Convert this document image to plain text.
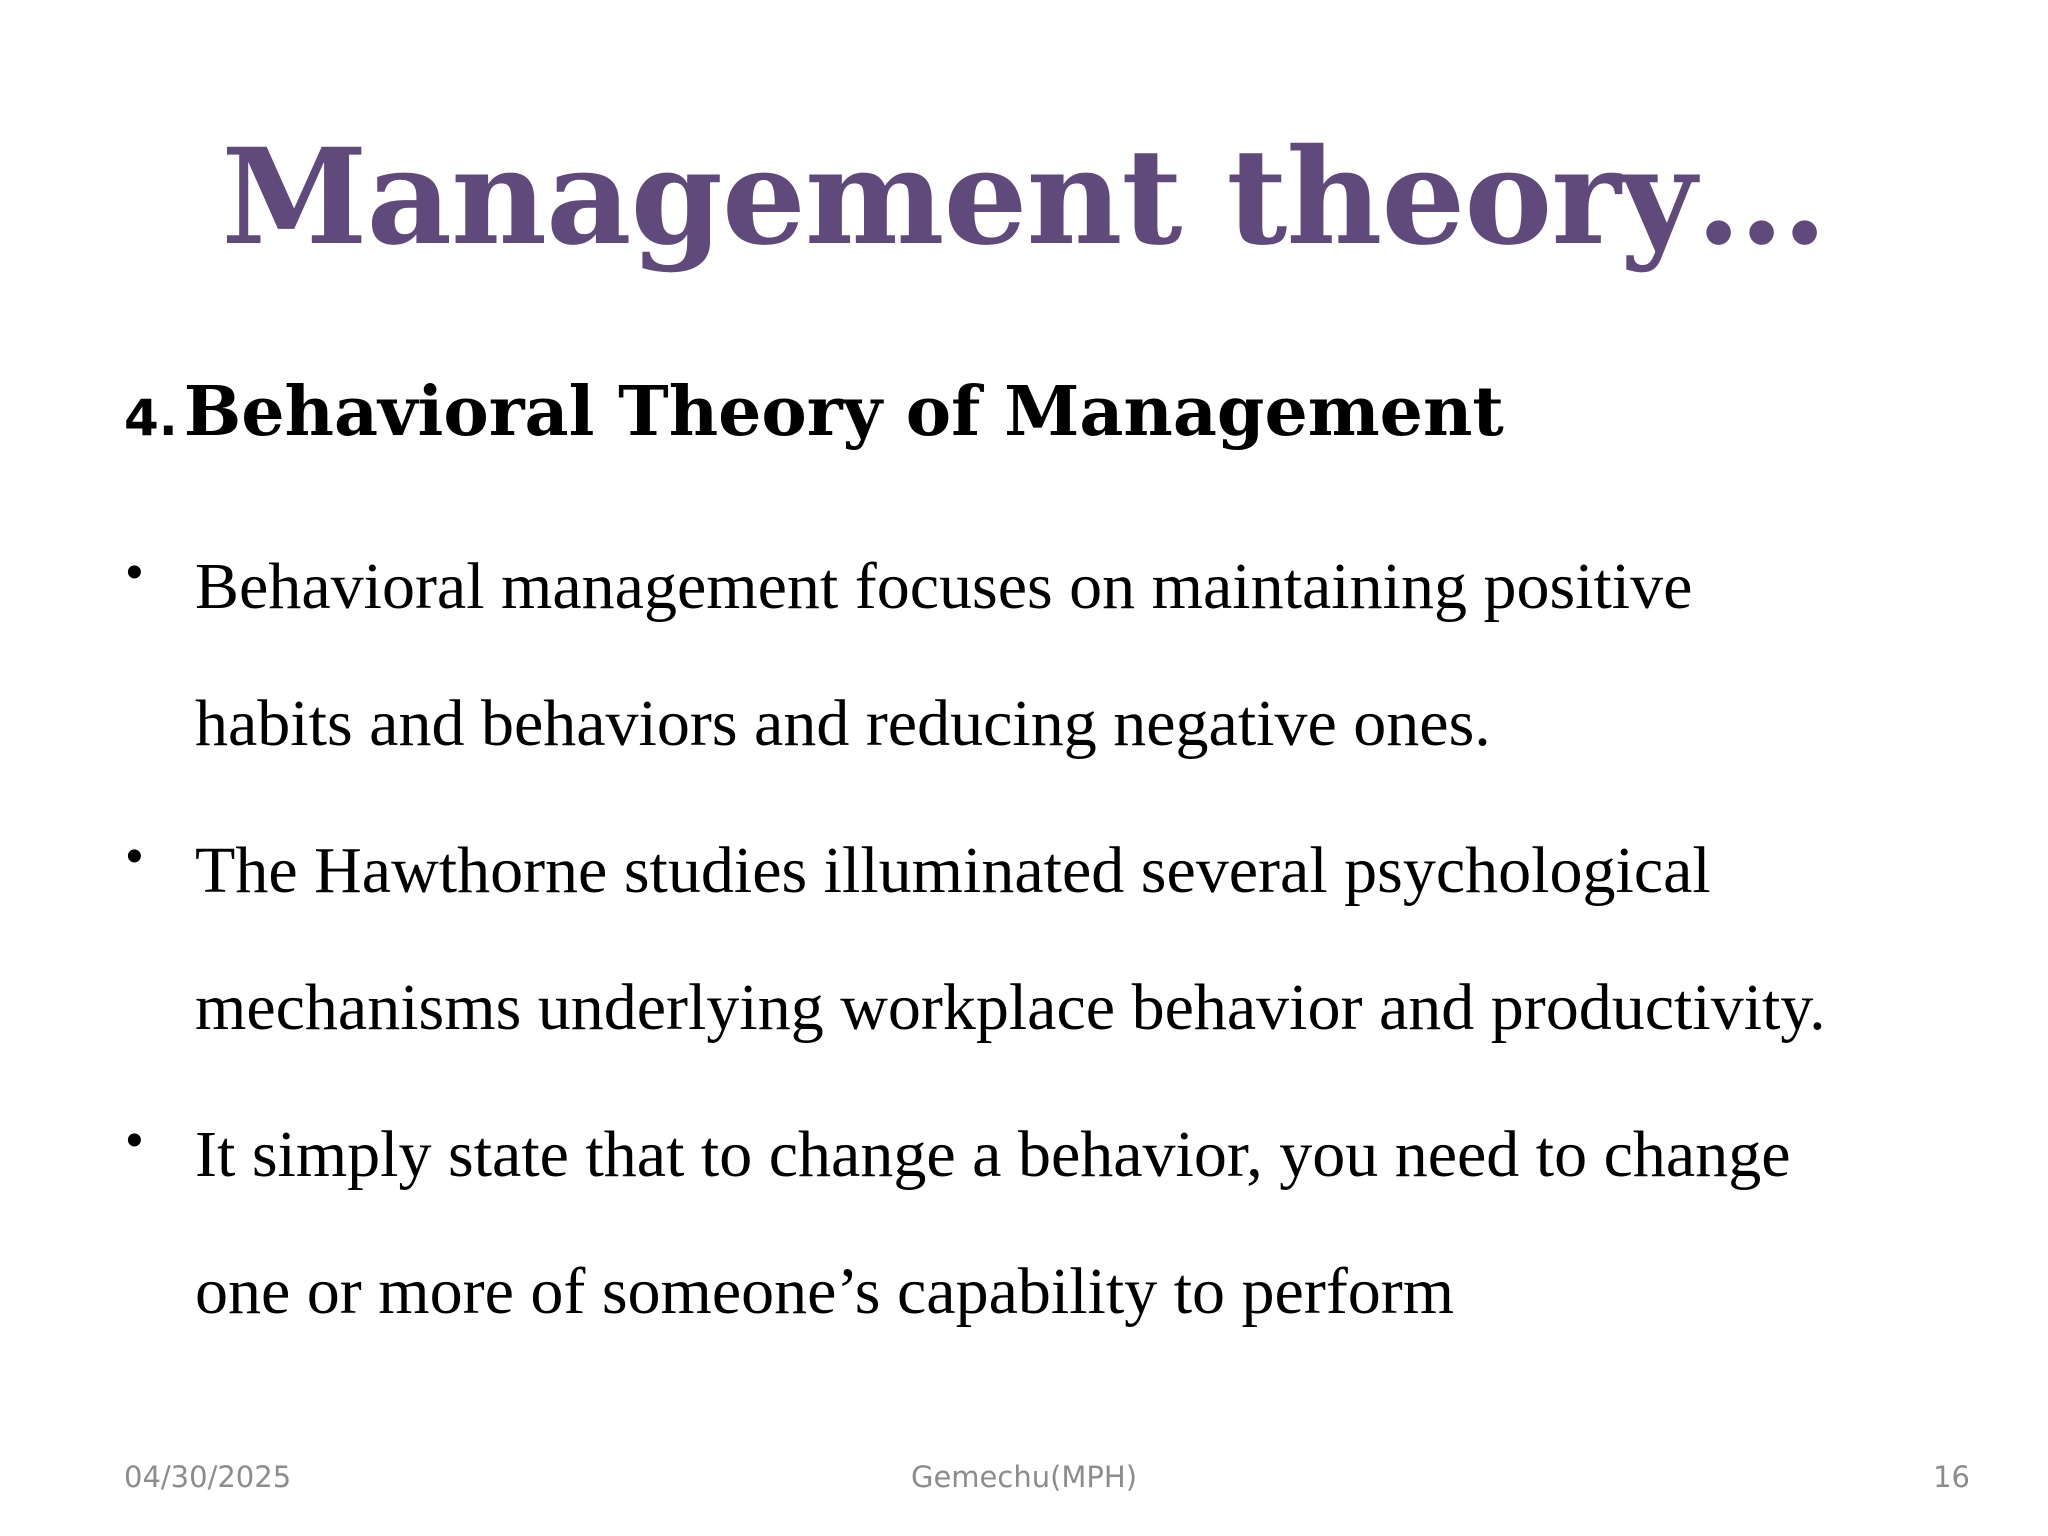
Management theory…
4.Behavioral Theory of Management
• Behavioral management focuses on maintaining positive
habits and behaviors and reducing negative ones.
• The Hawthorne studies illuminated several psychological
mechanisms underlying workplace behavior and productivity.
• It simply state that to change a behavior, you need to change
one or more of someone’s capability to perform
04/30/2025	Gemechu(MPH)	16
